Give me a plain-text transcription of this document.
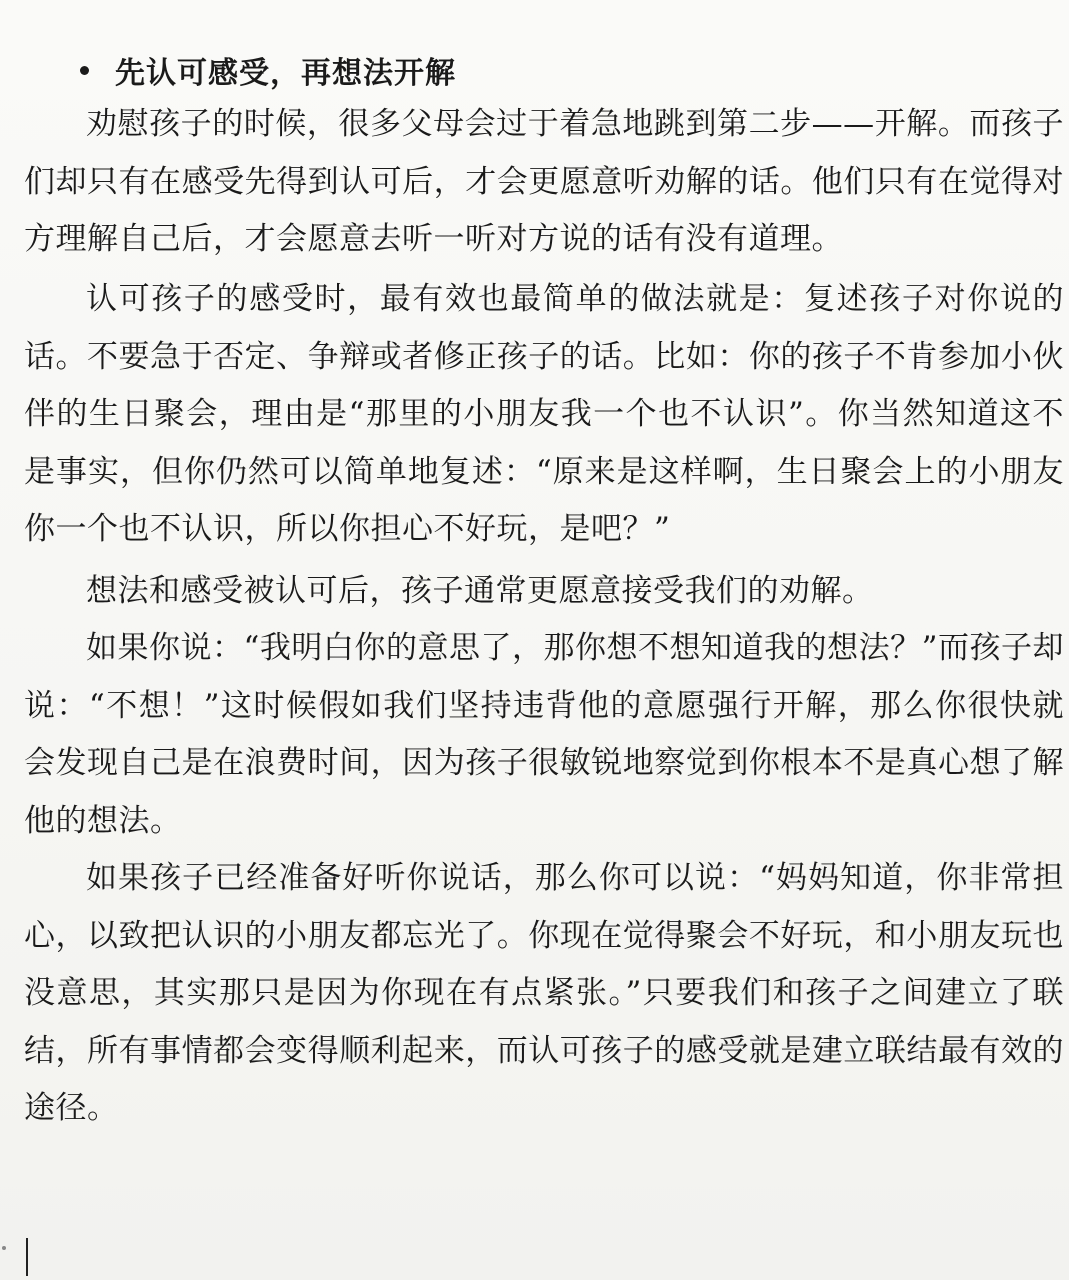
先认可感受，再想法开解

劝慰孩子的时候，很多父母会过于着急地跳到第二步——开解。而孩子们却只有在感受先得到认可后，才会更愿意听劝解的话。他们只有在觉得对方理解自己后，才会愿意去听一听对方说的话有没有道理。

认可孩子的感受时，最有效也最简单的做法就是：复述孩子对你说的话。不要急于否定、争辩或者修正孩子的话。比如：你的孩子不肯参加小伙伴的生日聚会，理由是“那里的小朋友我一个也不认识”。你当然知道这不是事实，但你仍然可以简单地复述：“原来是这样啊，生日聚会上的小朋友你一个也不认识，所以你担心不好玩，是吧？”

想法和感受被认可后，孩子通常更愿意接受我们的劝解。

如果你说：“我明白你的意思了，那你想不想知道我的想法？”而孩子却说：“不想！”这时候假如我们坚持违背他的意愿强行开解，那么你很快就会发现自己是在浪费时间，因为孩子很敏锐地察觉到你根本不是真心想了解他的想法。

如果孩子已经准备好听你说话，那么你可以说：“妈妈知道，你非常担心，以致把认识的小朋友都忘光了。你现在觉得聚会不好玩，和小朋友玩也没意思，其实那只是因为你现在有点紧张。”只要我们和孩子之间建立了联结，所有事情都会变得顺利起来，而认可孩子的感受就是建立联结最有效的途径。
